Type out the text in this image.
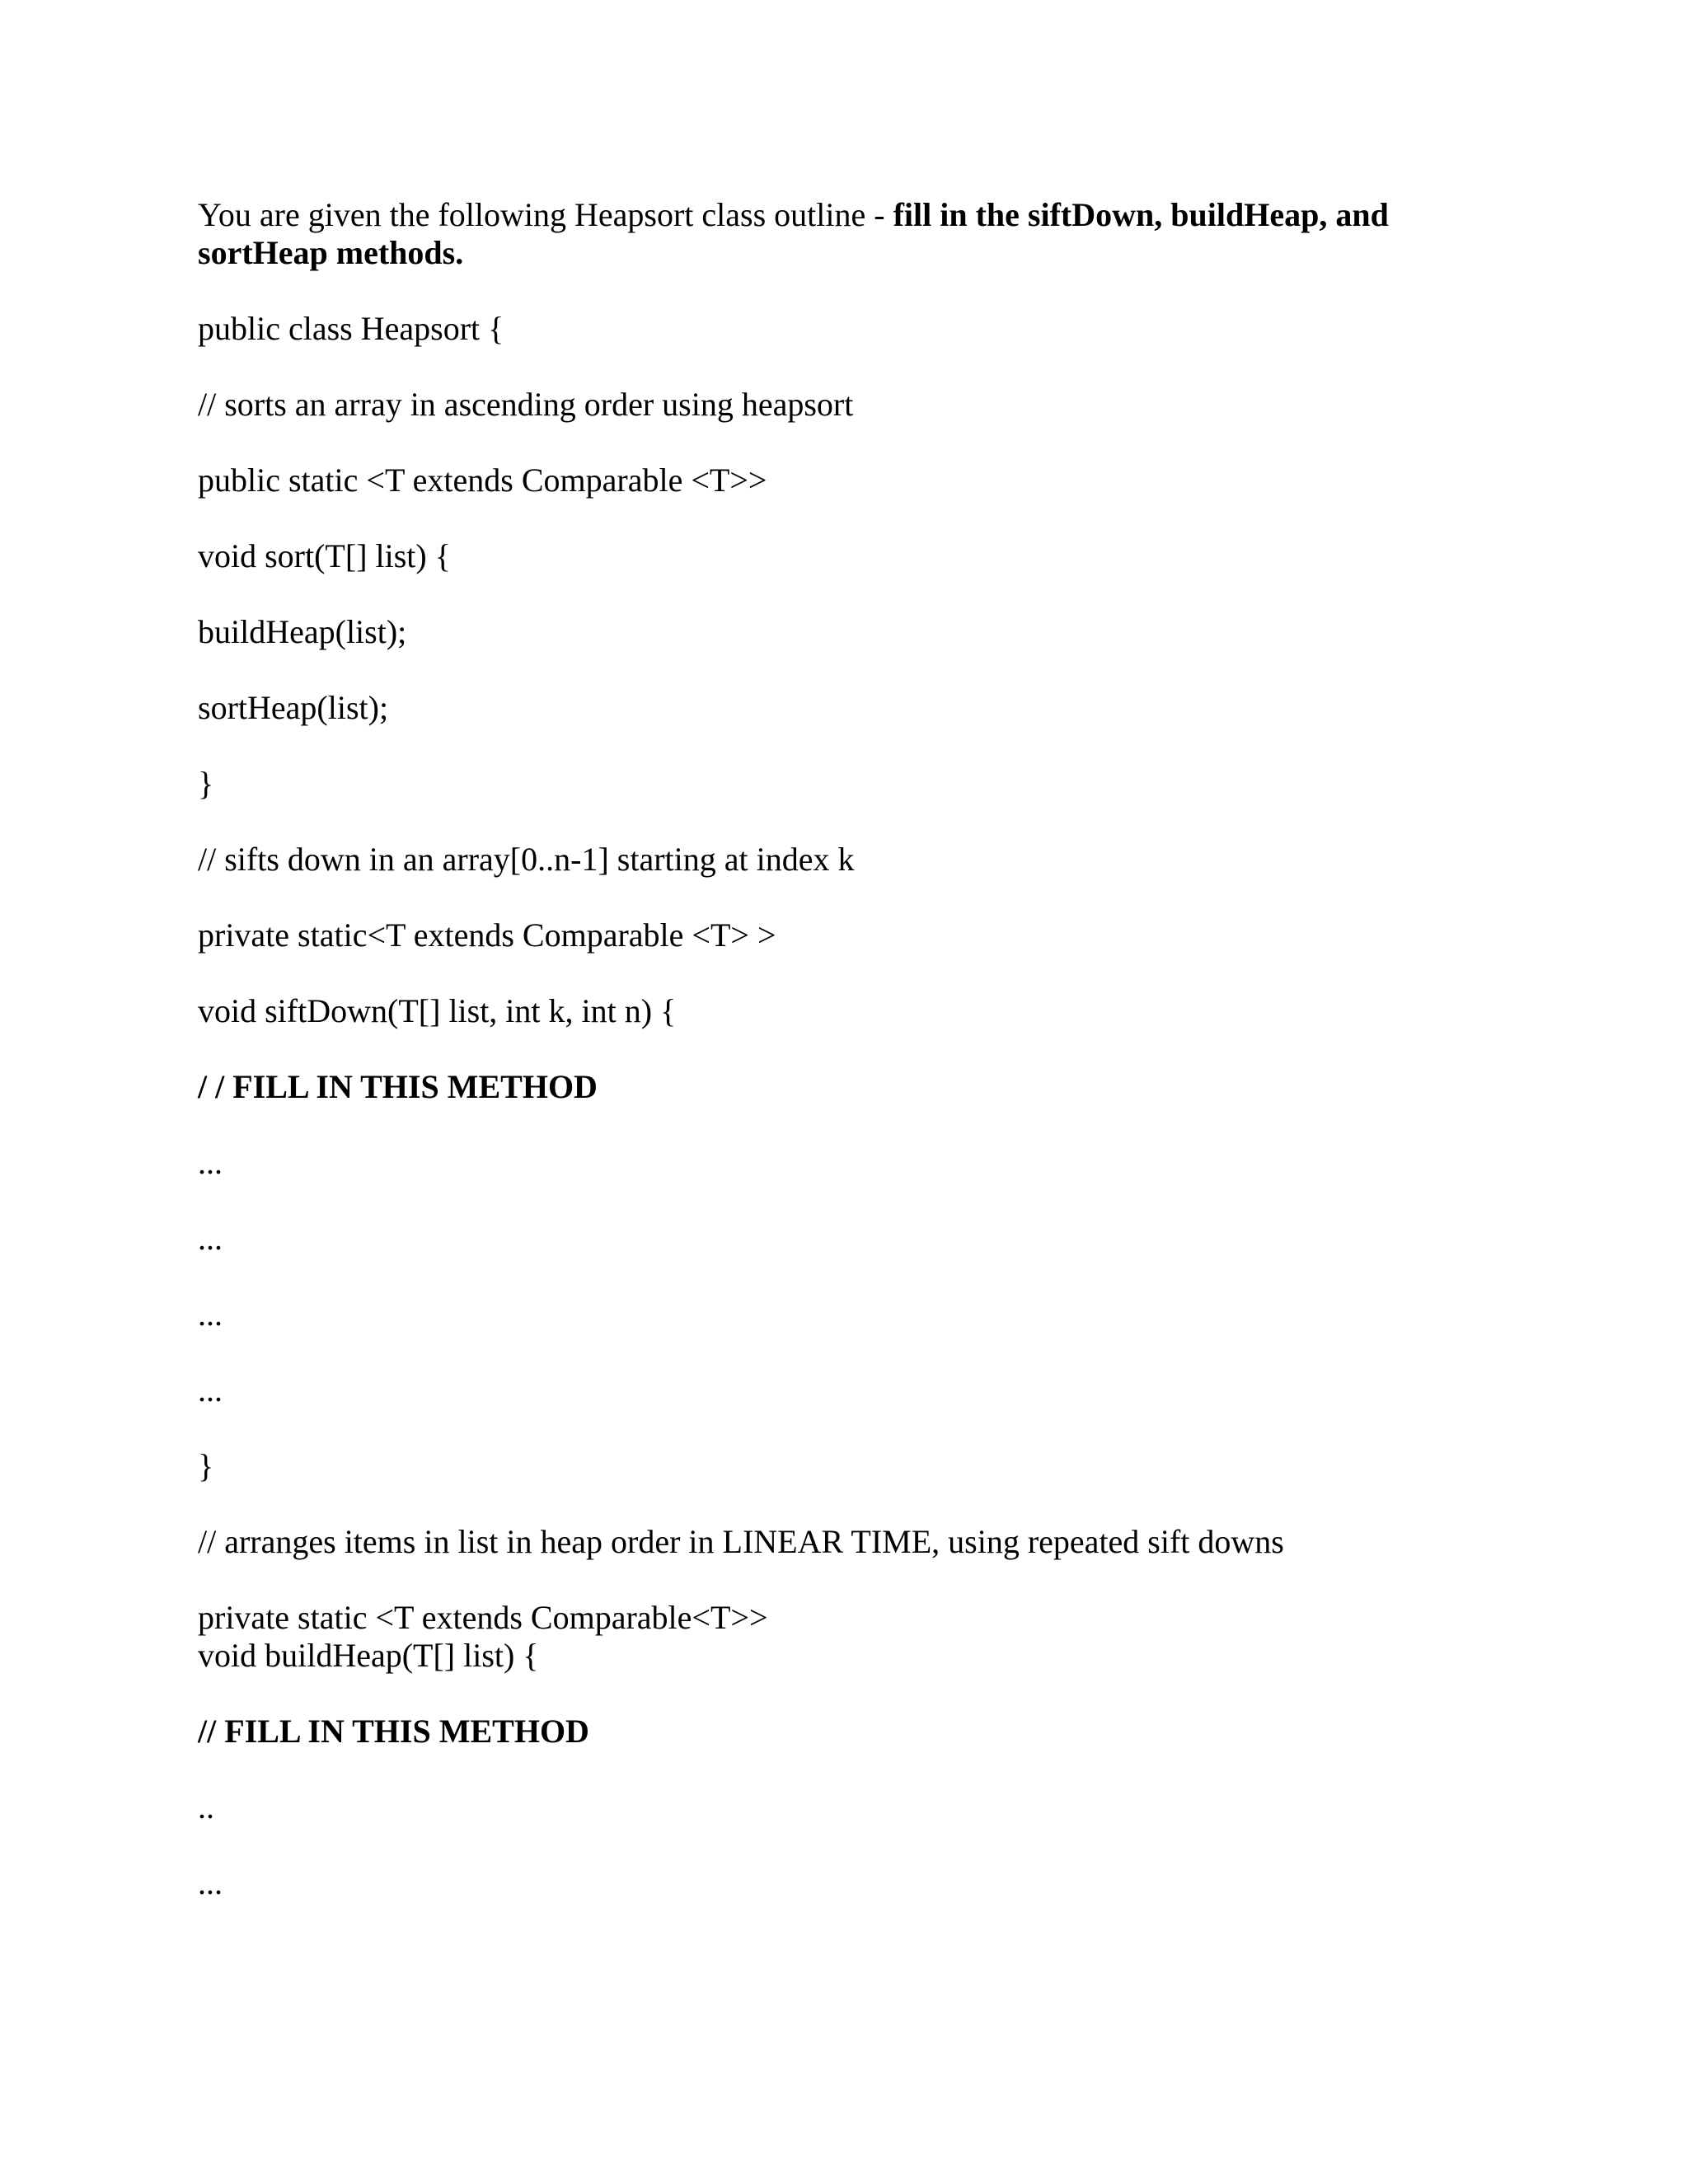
You are given the following Heapsort class outline - fill in the siftDown, buildHeap, and
sortHeap methods.
public class Heapsort {
// sorts an array in ascending order using heapsort
public static <T extends Comparable <T>>
void sort(T[] list) {
buildHeap(list);
sortHeap(list);
}
// sifts down in an array[0..n-1] starting at index k
private static<T extends Comparable <T> >
void siftDown(T[] list, int k, int n) {
/ / FILL IN THIS METHOD
...
...
...
...
}
// arranges items in list in heap order in LINEAR TIME, using repeated sift downs
private static <T extends Comparable<T>>
void buildHeap(T[] list) {
// FILL IN THIS METHOD
..
...
